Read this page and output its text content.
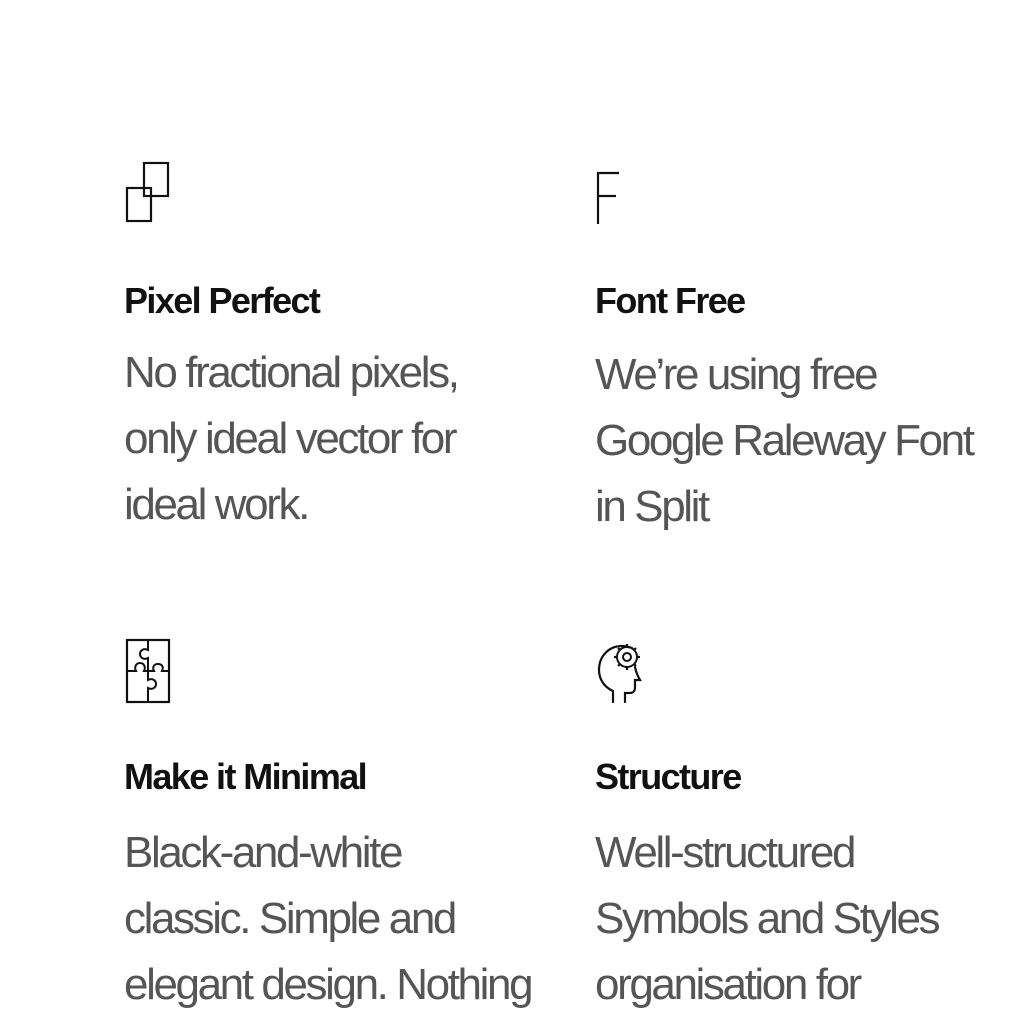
Pixel Perfect

No fractional pixels,
only ideal vector for
ideal work.

Font Free

We’re using free
Google Raleway Font
in Split

Make it Minimal

Black-and-white
classic. Simple and
elegant design. Nothing

Structure

Well-structured
Symbols and Styles
organisation for
